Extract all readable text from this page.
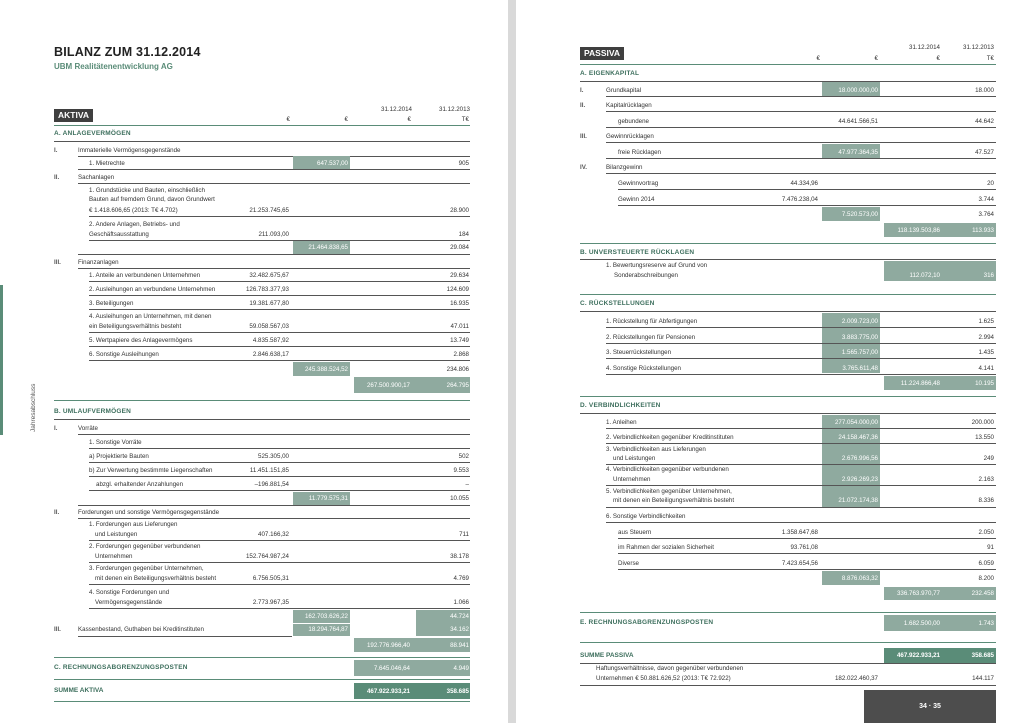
Jahresabschluss
BILANZ ZUM 31.12.2014
UBM Realitätenentwicklung AG
AKTIVA
31.12.2014	31.12.2013
€	€	€	T€
A. ANLAGEVERMÖGEN
I.	Immaterielle Vermögensgegenstände
1. Mietrechte	647.537,00	905
II.	Sachanlagen
1. Grundstücke und Bauten, einschließlich
Bauten auf fremdem Grund, davon Grundwert
€ 1.418.606,65 (2013: T€ 4.702)	21.253.745,65	28.900
2. Andere Anlagen, Betriebs- und
Geschäftsausstattung	211.093,00	184
21.464.838,65	29.084
III.	Finanzanlagen
1. Anteile an verbundenen Unternehmen	32.482.675,67	29.634
2. Ausleihungen an verbundene Unternehmen	126.783.377,93	124.609
3. Beteiligungen	19.381.677,80	16.935
4. Ausleihungen an Unternehmen, mit denen
ein Beteiligungsverhältnis besteht	59.058.567,03	47.011
5. Wertpapiere des Anlagevermögens	4.835.587,92	13.749
6. Sonstige Ausleihungen	2.846.638,17	2.868
245.388.524,52	234.806
267.500.900,17	264.795
B. UMLAUFVERMÖGEN
I.	Vorräte
1. Sonstige Vorräte
a) Projektierte Bauten	525.305,00	502
b) Zur Verwertung bestimmte Liegenschaften	11.451.151,85	9.553
abzgl. erhaltender Anzahlungen	–196.881,54	–
11.779.575,31	10.055
II.	Forderungen und sonstige Vermögensgegenstände
1. Forderungen aus Lieferungen
und Leistungen	407.166,32	711
2. Forderungen gegenüber verbundenen
Unternehmen	152.764.987,24	38.178
3. Forderungen gegenüber Unternehmen,
mit denen ein Beteiligungsverhältnis besteht	6.756.505,31	4.769
4. Sonstige Forderungen und
Vermögensgegenstände	2.773.967,35	1.066
162.703.626,22	44.724
III.	Kassenbestand, Guthaben bei Kreditinstituten	18.294.764,87	34.162
192.776.966,40	88.941
C. RECHNUNGSABGRENZUNGSPOSTEN	7.645.046,64	4.949
SUMME AKTIVA	467.922.933,21	358.685
PASSIVA
31.12.2014	31.12.2013
€	€	€	T€
A. EIGENKAPITAL
I.	Grundkapital	18.000.000,00	18.000
II.	Kapitalrücklagen
gebundene	44.641.566,51	44.642
III.	Gewinnrücklagen
freie Rücklagen	47.977.364,35	47.527
IV.	Bilanzgewinn
Gewinnvortrag	44.334,96	20
Gewinn 2014	7.476.238,04	3.744
7.520.573,00	3.764
118.139.503,86	113.933
B. UNVERSTEUERTE RÜCKLAGEN
1. Bewertungsreserve auf Grund von
Sonderabschreibungen	112.072,10	316
C. RÜCKSTELLUNGEN
1. Rückstellung für Abfertigungen	2.009.723,00	1.625
2. Rückstellungen für Pensionen	3.883.775,00	2.994
3. Steuerrückstellungen	1.565.757,00	1.435
4. Sonstige Rückstellungen	3.765.611,48	4.141
11.224.866,48	10.195
D. VERBINDLICHKEITEN
1. Anleihen	277.054.000,00	200.000
2. Verbindlichkeiten gegenüber Kreditinstituten	24.158.467,36	13.550
3. Verbindlichkeiten aus Lieferungen
und Leistungen	2.676.996,56	249
4. Verbindlichkeiten gegenüber verbundenen
Unternehmen	2.926.269,23	2.163
5. Verbindlichkeiten gegenüber Unternehmen,
mit denen ein Beteiligungsverhältnis besteht	21.072.174,38	8.336
6. Sonstige Verbindlichkeiten
aus Steuern	1.358.647,68	2.050
im Rahmen der sozialen Sicherheit	93.761,08	91
Diverse	7.423.654,56	6.059
8.876.063,32	8.200
336.763.970,77	232.458
E. RECHNUNGSABGRENZUNGSPOSTEN	1.682.500,00	1.743
SUMME PASSIVA	467.922.933,21	358.685
Haftungsverhältnisse, davon gegenüber verbundenen
Unternehmen € 50.881.626,52 (2013: T€ 72.922)	182.022.460,37	144.117
34 · 35
